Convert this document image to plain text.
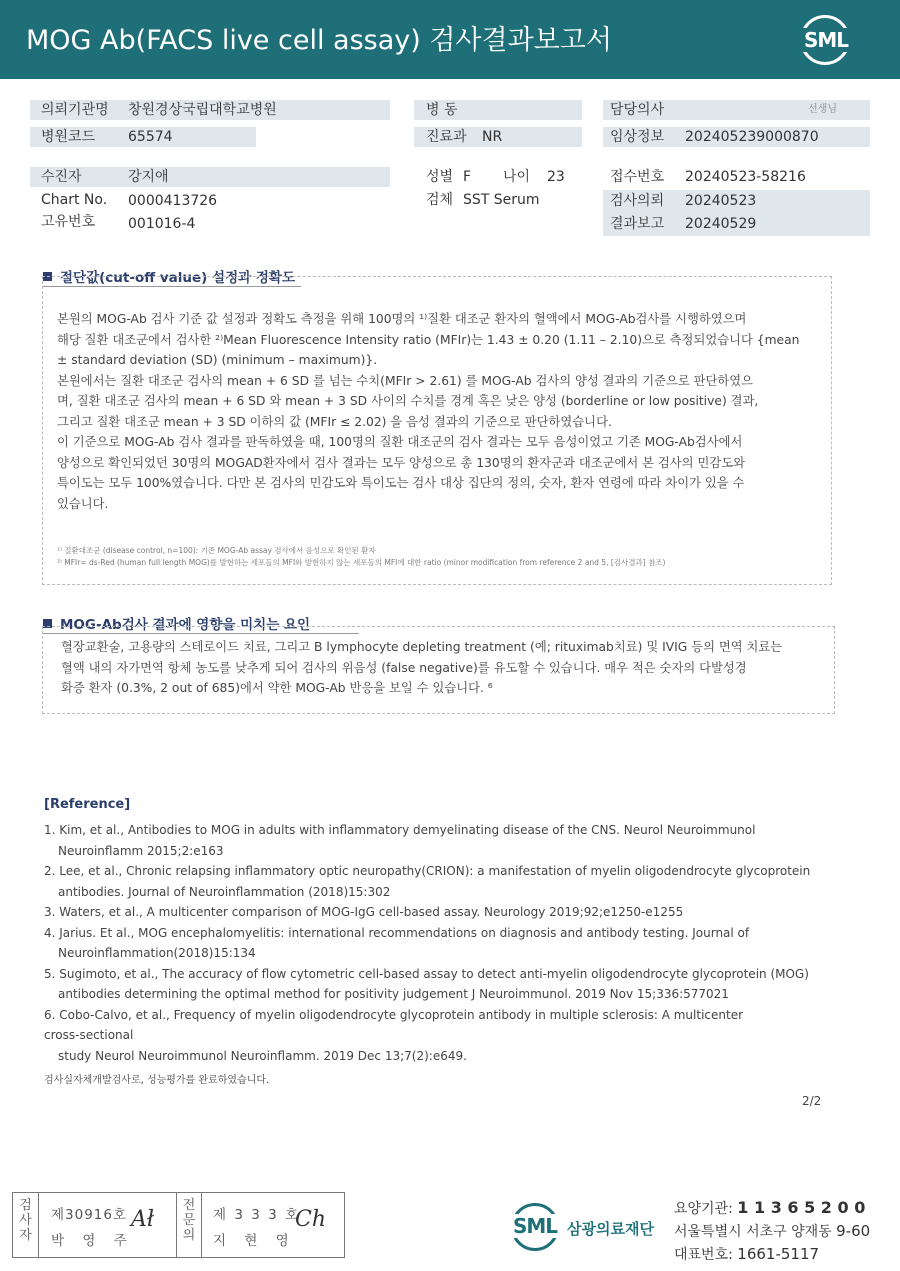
MOG Ab(FACS live cell assay) 검사결과보고서	SML
의뢰기관명 창원경상국립대학교병원
병원코드 65574
병 동
진료과 NR
담당의사	선생님
임상정보 202405239000870
수진자	강지애
Chart No. 0000413726
고유번호 001016-4
성별 F 나이 23
검체 SST Serum
접수번호 20240523-58216
검사의뢰 20240523
결과보고 20240529
절단값(cut-off value) 설정과 정확도

본원의 MOG-Ab 검사 기준 값 설정과 정확도 측정을 위해 100명의 ¹⁾질환 대조군 환자의 혈액에서 MOG-Ab검사를 시행하였으며

해당 질환 대조군에서 검사한 ²⁾Mean Fluorescence Intensity ratio (MFIr)는 1.43 ± 0.20 (1.11 – 2.10)으로 측정되었습니다 {mean

± standard deviation (SD) (minimum – maximum)}.

본원에서는 질환 대조군 검사의 mean + 6 SD 를 넘는 수치(MFIr > 2.61) 를 MOG-Ab 검사의 양성 결과의 기준으로 판단하였으

며, 질환 대조군 검사의 mean + 6 SD 와 mean + 3 SD 사이의 수치를 경계 혹은 낮은 양성 (borderline or low positive) 결과,

그리고 질환 대조군 mean + 3 SD 이하의 값 (MFIr ≤ 2.02) 을 음성 결과의 기준으로 판단하였습니다.

이 기준으로 MOG-Ab 검사 결과를 판독하였을 때, 100명의 질환 대조군의 검사 결과는 모두 음성이었고 기존 MOG-Ab검사에서

양성으로 확인되었던 30명의 MOGAD환자에서 검사 결과는 모두 양성으로 총 130명의 환자군과 대조군에서 본 검사의 민감도와

특이도는 모두 100%였습니다. 다만 본 검사의 민감도와 특이도는 검사 대상 집단의 정의, 숫자, 환자 연령에 따라 차이가 있을 수

있습니다.

¹⁾ 질환대조군 (disease control, n=100): 기존 MOG-Ab assay 검사에서 음성으로 확인된 환자
²⁾ MFIr= ds-Red (human full length MOG)를 발현하는 세포들의 MFI와 발현하지 않는 세포들의 MFI에 대한 ratio (minor modification from reference 2 and 5, [검사결과] 참조)
MOG-Ab검사 결과에 영향을 미치는 요인

혈장교환술, 고용량의 스테로이드 치료, 그리고 B lymphocyte depleting treatment (예; rituximab치료) 및 IVIG 등의 면역 치료는

혈액 내의 자가면역 항체 농도를 낮추게 되어 검사의 위음성 (false negative)를 유도할 수 있습니다. 매우 적은 숫자의 다발성경

화증 환자 (0.3%, 2 out of 685)에서 약한 MOG-Ab 반응을 보일 수 있습니다. ⁶

[Reference]
1. Kim, et al., Antibodies to MOG in adults with inflammatory demyelinating disease of the CNS. Neurol Neuroimmunol
Neuroinflamm 2015;2:e163
2. Lee, et al., Chronic relapsing inflammatory optic neuropathy(CRION): a manifestation of myelin oligodendrocyte glycoprotein
antibodies. Journal of Neuroinflammation (2018)15:302
3. Waters, et al., A multicenter comparison of MOG-IgG cell-based assay. Neurology 2019;92;e1250-e1255
4. Jarius. Et al., MOG encephalomyelitis: international recommendations on diagnosis and antibody testing. Journal of
Neuroinflammation(2018)15:134
5. Sugimoto, et al., The accuracy of flow cytometric cell-based assay to detect anti-myelin oligodendrocyte glycoprotein (MOG)
antibodies determining the optimal method for positivity judgement J Neuroimmunol. 2019 Nov 15;336:577021
6. Cobo-Calvo, et al., Frequency of myelin oligodendrocyte glycoprotein antibody in multiple sclerosis: A multicenter
cross-sectional
study Neurol Neuroimmunol Neuroinflamm. 2019 Dec 13;7(2):e649.
검사실자체개발검사로, 성능평가를 완료하였습니다.
2/2
검사자
제30916호
박 영 주
Ał
전문의
제 3 3 3 호
지 현 영
Ch	SML 삼광의료재단
요양기관: 1 1 3 6 5 2 0 0
서울특별시 서초구 양재동 9-60
대표번호: 1661-5117
